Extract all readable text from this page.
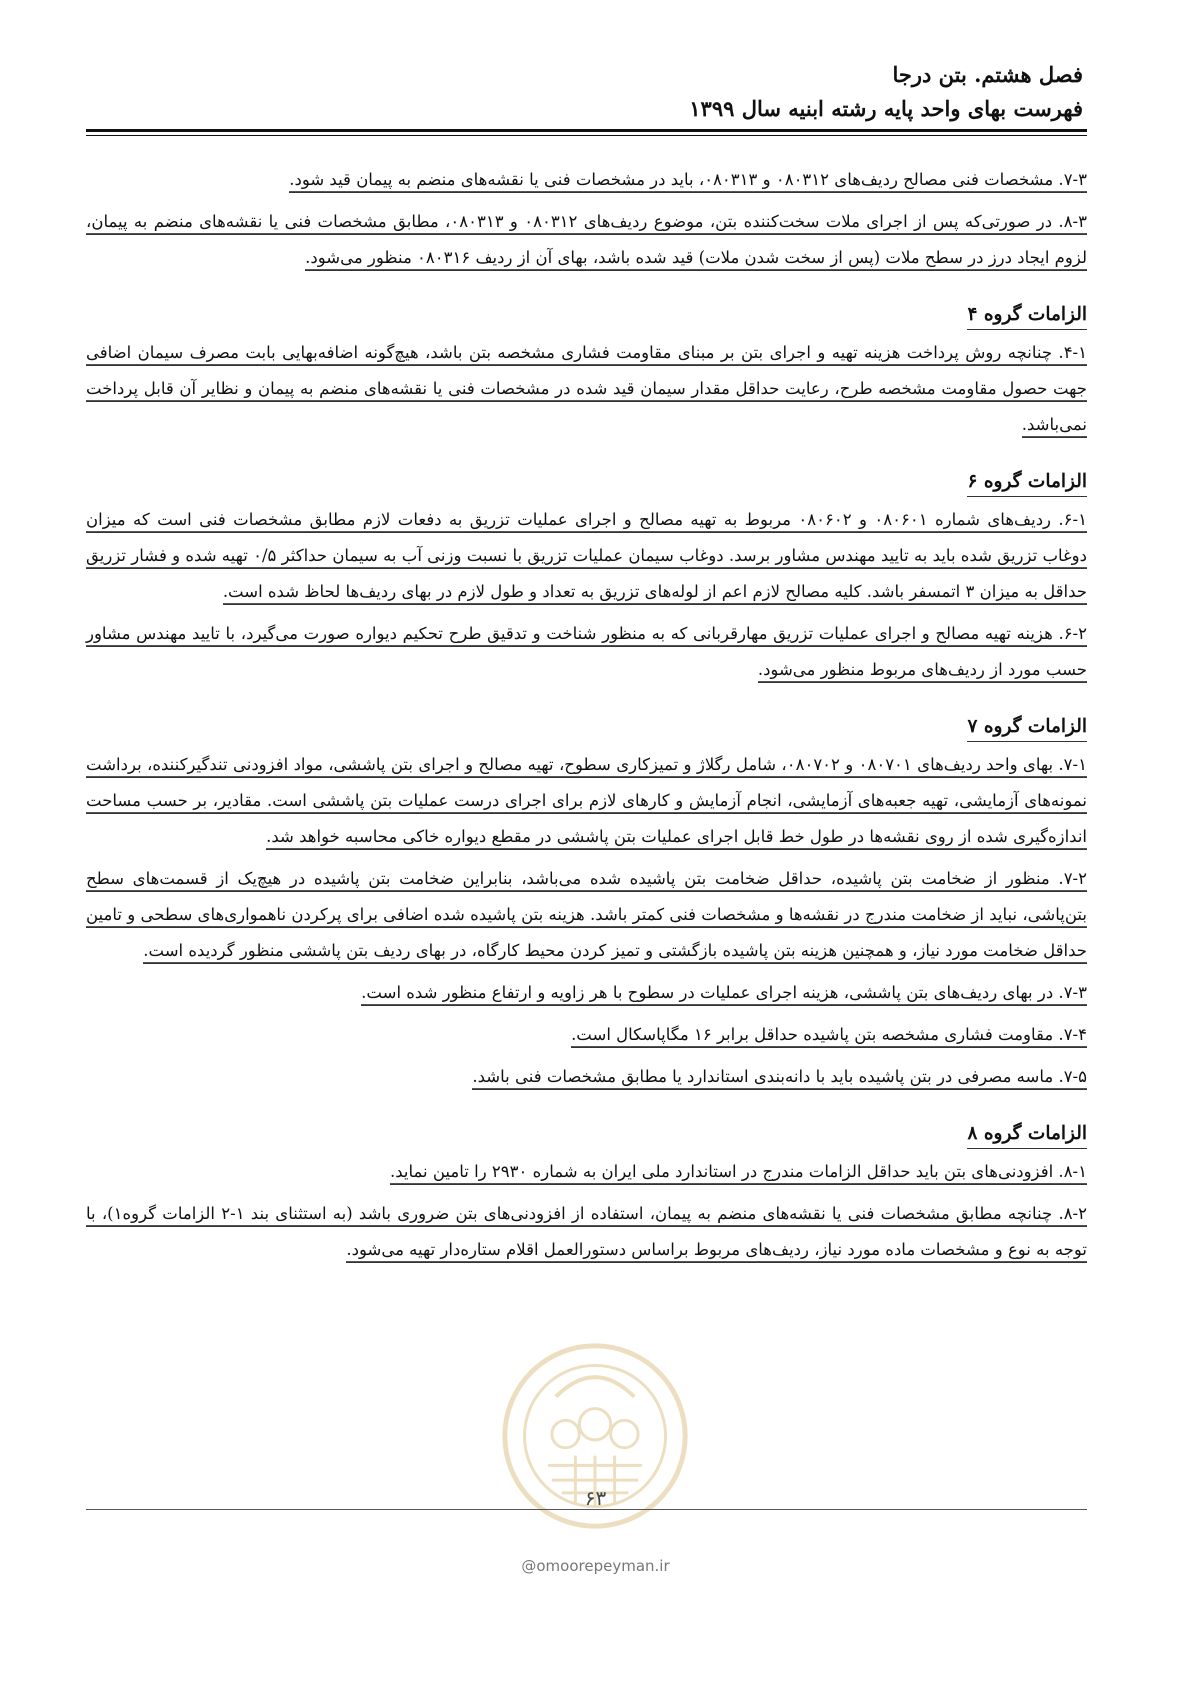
فصل هشتم. بتن درجا
فهرست بهای واحد پایه رشته ابنیه سال ۱۳۹۹

۷-۳. مشخصات فنی مصالح ردیف‌های ۰۸۰۳۱۲ و ۰۸۰۳۱۳، باید در مشخصات فنی یا نقشه‌های منضم به پیمان قید شود.

۸-۳. در صورتی‌که پس از اجرای ملات سخت‌کننده بتن، موضوع ردیف‌های ۰۸۰۳۱۲ و ۰۸۰۳۱۳، مطابق مشخصات فنی یا نقشه‌های منضم به پیمان، لزوم ایجاد درز در سطح ملات (پس از سخت شدن ملات) قید شده باشد، بهای آن از ردیف ۰۸۰۳۱۶ منظور می‌شود.

الزامات گروه ۴

۴-۱. چنانچه روش پرداخت هزینه تهیه و اجرای بتن بر مبنای مقاومت فشاری مشخصه بتن باشد، هیچ‌گونه اضافه‌بهایی بابت مصرف سیمان اضافی جهت حصول مقاومت مشخصه طرح، رعایت حداقل مقدار سیمان قید شده در مشخصات فنی یا نقشه‌های منضم به پیمان و نظایر آن قابل پرداخت نمی‌باشد.

الزامات گروه ۶

۶-۱. ردیف‌های شماره ۰۸۰۶۰۱ و ۰۸۰۶۰۲ مربوط به تهیه مصالح و اجرای عملیات تزریق به دفعات لازم مطابق مشخصات فنی است که میزان دوغاب تزریق شده باید به تایید مهندس مشاور برسد. دوغاب سیمان عملیات تزریق با نسبت وزنی آب به سیمان حداکثر ۰/۵ تهیه شده و فشار تزریق حداقل به میزان ۳ اتمسفر باشد. کلیه مصالح لازم اعم از لوله‌های تزریق به تعداد و طول لازم در بهای ردیف‌ها لحاظ شده است.

۶-۲. هزینه تهیه مصالح و اجرای عملیات تزریق مهارقربانی که به منظور شناخت و تدقیق طرح تحکیم دیواره صورت می‌گیرد، با تایید مهندس مشاور حسب مورد از ردیف‌های مربوط منظور می‌شود.

الزامات گروه ۷

۷-۱. بهای واحد ردیف‌های ۰۸۰۷۰۱ و ۰۸۰۷۰۲، شامل رگلاژ و تمیزکاری سطوح، تهیه مصالح و اجرای بتن پاششی، مواد افزودنی تندگیرکننده، برداشت نمونه‌های آزمایشی، تهیه جعبه‌های آزمایشی، انجام آزمایش و کارهای لازم برای اجرای درست عملیات بتن پاششی است. مقادیر، بر حسب مساحت اندازه‌گیری شده از روی نقشه‌ها در طول خط قابل اجرای عملیات بتن پاششی در مقطع دیواره خاکی محاسبه خواهد شد.

۷-۲. منظور از ضخامت بتن پاشیده، حداقل ضخامت بتن پاشیده شده می‌باشد، بنابراین ضخامت بتن پاشیده در هیچ‌یک از قسمت‌های سطح بتن‌پاشی، نباید از ضخامت مندرج در نقشه‌ها و مشخصات فنی کمتر باشد. هزینه بتن پاشیده شده اضافی برای پرکردن ناهمواری‌های سطحی و تامین حداقل ضخامت مورد نیاز، و همچنین هزینه بتن پاشیده بازگشتی و تمیز کردن محیط کارگاه، در بهای ردیف بتن پاششی منظور گردیده است.

۷-۳. در بهای ردیف‌های بتن پاششی، هزینه اجرای عملیات در سطوح با هر زاویه و ارتفاع منظور شده است.

۷-۴. مقاومت فشاری مشخصه بتن پاشیده حداقل برابر ۱۶ مگاپاسکال است.

۷-۵. ماسه مصرفی در بتن پاشیده باید با دانه‌بندی استاندارد یا مطابق مشخصات فنی باشد.

الزامات گروه ۸

۸-۱. افزودنی‌های بتن باید حداقل الزامات مندرج در استاندارد ملی ایران به شماره ۲۹۳۰ را تامین نماید.

۸-۲. چنانچه مطابق مشخصات فنی یا نقشه‌های منضم به پیمان، استفاده از افزودنی‌های بتن ضروری باشد (به استثنای بند ۱-۲ الزامات گروه۱)، با توجه به نوع و مشخصات ماده مورد نیاز، ردیف‌های مربوط براساس دستورالعمل اقلام ستاره‌دار تهیه می‌شود.

۶۳
@omoorepeyman.ir
